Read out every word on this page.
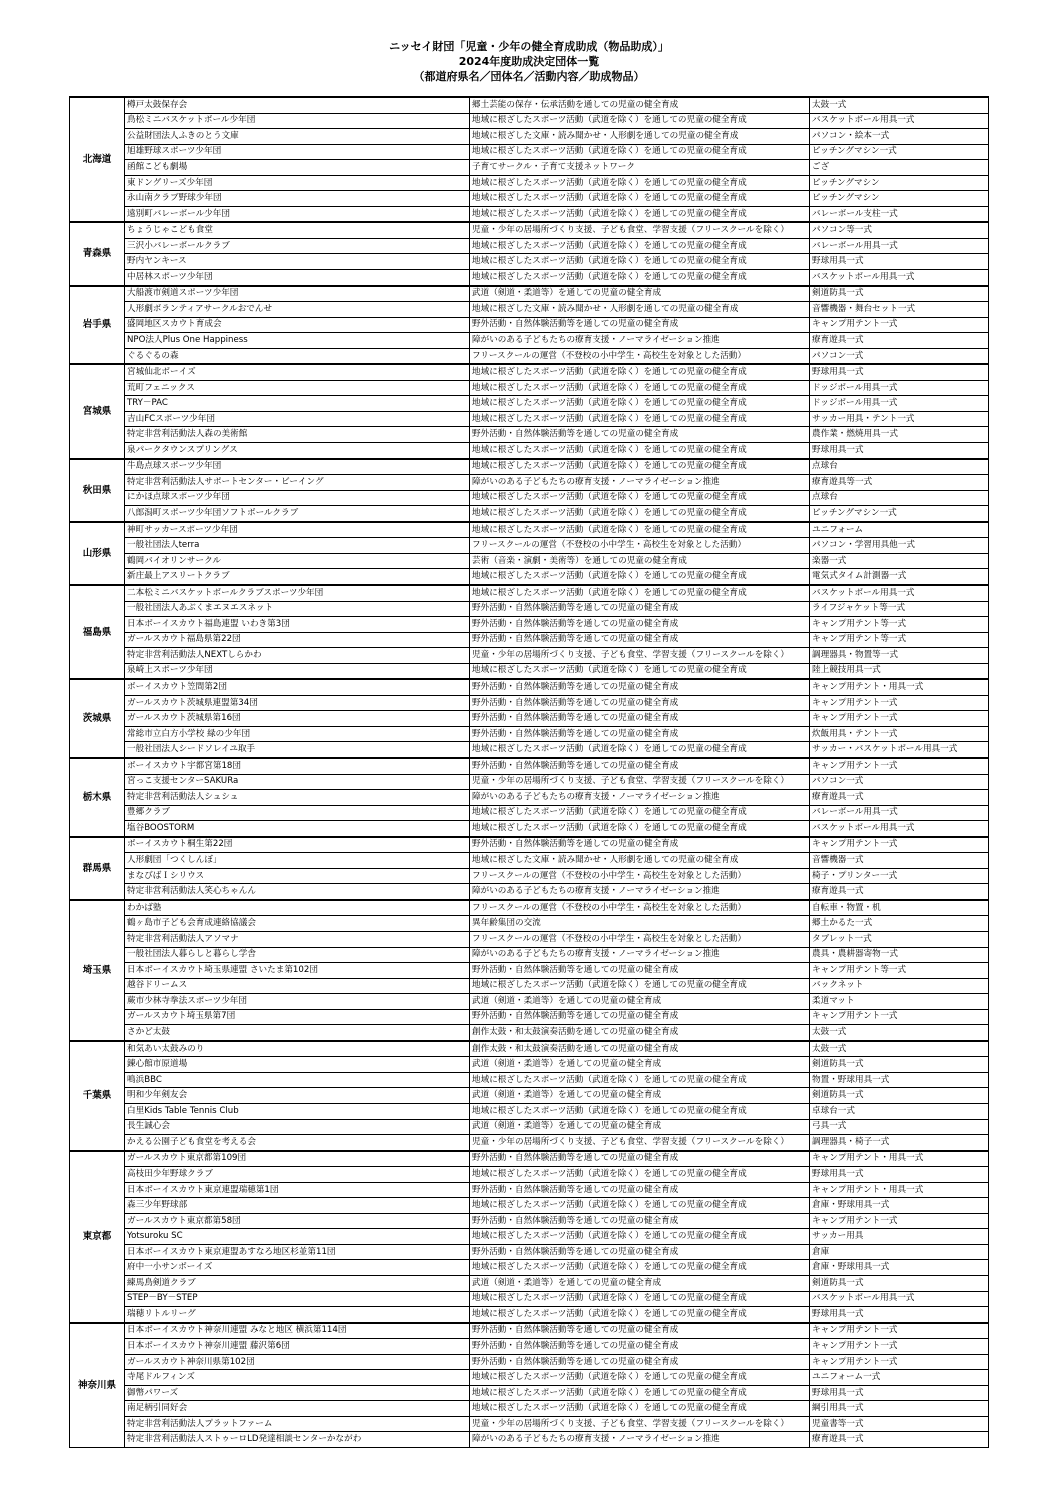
ニッセイ財団「児童・少年の健全育成助成（物品助成）」
2024年度助成決定団体一覧
（都道府県名／団体名／活動内容／助成物品）
北海道	樽戸太鼓保存会	郷土芸能の保存・伝承活動を通しての児童の健全育成	太鼓一式
	鳥松ミニバスケットボール少年団	地域に根ざしたスポーツ活動（武道を除く）を通しての児童の健全育成	バスケットボール用具一式
	公益財団法人ふきのとう文庫	地域に根ざした文庫・読み聞かせ・人形劇を通しての児童の健全育成	パソコン・絵本一式
	旭雄野球スポーツ少年団	地域に根ざしたスポーツ活動（武道を除く）を通しての児童の健全育成	ピッチングマシン一式
	函館こども劇場	子育てサークル・子育て支援ネットワーク	ござ
	東ドングリーズ少年団	地域に根ざしたスポーツ活動（武道を除く）を通しての児童の健全育成	ピッチングマシン
	永山南クラブ野球少年団	地域に根ざしたスポーツ活動（武道を除く）を通しての児童の健全育成	ピッチングマシン
	遠別町バレーボール少年団	地域に根ざしたスポーツ活動（武道を除く）を通しての児童の健全育成	バレーボール支柱一式
青森県	ちょうじゃこども食堂	児童・少年の居場所づくり支援、子ども食堂、学習支援（フリースクールを除く）	パソコン等一式
	三沢小バレーボールクラブ	地域に根ざしたスポーツ活動（武道を除く）を通しての児童の健全育成	バレーボール用具一式
	野内ヤンキース	地域に根ざしたスポーツ活動（武道を除く）を通しての児童の健全育成	野球用具一式
	中居林スポーツ少年団	地域に根ざしたスポーツ活動（武道を除く）を通しての児童の健全育成	バスケットボール用具一式
岩手県	大船渡市剣道スポーツ少年団	武道（剣道・柔道等）を通しての児童の健全育成	剣道防具一式
	人形劇ボランティアサークルおでんせ	地域に根ざした文庫・読み聞かせ・人形劇を通しての児童の健全育成	音響機器・舞台セット一式
	盛岡地区スカウト育成会	野外活動・自然体験活動等を通しての児童の健全育成	キャンプ用テント一式
	NPO法人Plus One Happiness	障がいのある子どもたちの療育支援・ノーマライゼーション推進	療育遊具一式
	ぐるぐるの森	フリースクールの運営（不登校の小中学生・高校生を対象とした活動）	パソコン一式
宮城県	宮城仙北ボーイズ	地域に根ざしたスポーツ活動（武道を除く）を通しての児童の健全育成	野球用具一式
	荒町フェニックス	地域に根ざしたスポーツ活動（武道を除く）を通しての児童の健全育成	ドッジボール用具一式
	TRY－PAC	地域に根ざしたスポーツ活動（武道を除く）を通しての児童の健全育成	ドッジボール用具一式
	吉山FCスポーツ少年団	地域に根ざしたスポーツ活動（武道を除く）を通しての児童の健全育成	サッカー用具・テント一式
	特定非営利活動法人森の美術館	野外活動・自然体験活動等を通しての児童の健全育成	農作業・燃焼用具一式
	泉パークタウンスプリングス	地域に根ざしたスポーツ活動（武道を除く）を通しての児童の健全育成	野球用具一式
秋田県	牛島点球スポーツ少年団	地域に根ざしたスポーツ活動（武道を除く）を通しての児童の健全育成	点球台
	特定非営利活動法人サポートセンター・ビーイング	障がいのある子どもたちの療育支援・ノーマライゼーション推進	療育遊具等一式
	にかほ点球スポーツ少年団	地域に根ざしたスポーツ活動（武道を除く）を通しての児童の健全育成	点球台
	八郎潟町スポーツ少年団ソフトボールクラブ	地域に根ざしたスポーツ活動（武道を除く）を通しての児童の健全育成	ピッチングマシン一式
山形県	神町サッカースポーツ少年団	地域に根ざしたスポーツ活動（武道を除く）を通しての児童の健全育成	ユニフォーム
	一般社団法人terra	フリースクールの運営（不登校の小中学生・高校生を対象とした活動）	パソコン・学習用具他一式
	鶴岡バイオリンサークル	芸術（音楽・演劇・美術等）を通しての児童の健全育成	楽器一式
	新庄最上アスリートクラブ	地域に根ざしたスポーツ活動（武道を除く）を通しての児童の健全育成	電気式タイム計測器一式
福島県	二本松ミニバスケットボールクラブスポーツ少年団	地域に根ざしたスポーツ活動（武道を除く）を通しての児童の健全育成	バスケットボール用具一式
	一般社団法人あぶくまエヌエスネット	野外活動・自然体験活動等を通しての児童の健全育成	ライフジャケット等一式
	日本ボーイスカウト福島連盟 いわき第3団	野外活動・自然体験活動等を通しての児童の健全育成	キャンプ用テント等一式
	ガールスカウト福島県第22団	野外活動・自然体験活動等を通しての児童の健全育成	キャンプ用テント等一式
	特定非営利活動法人NEXTしらかわ	児童・少年の居場所づくり支援、子ども食堂、学習支援（フリースクールを除く）	調理器具・物置等一式
	泉崎上スポーツ少年団	地域に根ざしたスポーツ活動（武道を除く）を通しての児童の健全育成	陸上競技用具一式
茨城県	ボーイスカウト笠間第2団	野外活動・自然体験活動等を通しての児童の健全育成	キャンプ用テント・用具一式
	ガールスカウト茨城県連盟第34団	野外活動・自然体験活動等を通しての児童の健全育成	キャンプ用テント一式
	ガールスカウト茨城県第16団	野外活動・自然体験活動等を通しての児童の健全育成	キャンプ用テント一式
	常総市立白方小学校 緑の少年団	野外活動・自然体験活動等を通しての児童の健全育成	炊飯用具・テント一式
	一般社団法人シードソレイユ取手	地域に根ざしたスポーツ活動（武道を除く）を通しての児童の健全育成	サッカー・バスケットボール用具一式
栃木県	ボーイスカウト宇都宮第18団	野外活動・自然体験活動等を通しての児童の健全育成	キャンプ用テント一式
	宮っこ支援センターSAKURa	児童・少年の居場所づくり支援、子ども食堂、学習支援（フリースクールを除く）	パソコン一式
	特定非営利活動法人シュシュ	障がいのある子どもたちの療育支援・ノーマライゼーション推進	療育遊具一式
	豊郷クラブ	地域に根ざしたスポーツ活動（武道を除く）を通しての児童の健全育成	バレーボール用具一式
	塩谷BOOSTORM	地域に根ざしたスポーツ活動（武道を除く）を通しての児童の健全育成	バスケットボール用具一式
群馬県	ボーイスカウト桐生第22団	野外活動・自然体験活動等を通しての児童の健全育成	キャンプ用テント一式
	人形劇団「つくしんぼ」	地域に根ざした文庫・読み聞かせ・人形劇を通しての児童の健全育成	音響機器一式
	まなびばＩシリウス	フリースクールの運営（不登校の小中学生・高校生を対象とした活動）	椅子・プリンター一式
	特定非営利活動法人笑心ちゃんん	障がいのある子どもたちの療育支援・ノーマライゼーション推進	療育遊具一式
埼玉県	わかば塾	フリースクールの運営（不登校の小中学生・高校生を対象とした活動）	自転車・物置・机
	鶴ヶ島市子ども会育成連絡協議会	異年齢集団の交流	郷土かるた一式
	特定非営利活動法人アソマナ	フリースクールの運営（不登校の小中学生・高校生を対象とした活動）	タブレット一式
	一般社団法人暮らしと暮らし学舎	障がいのある子どもたちの療育支援・ノーマライゼーション推進	農具・農耕器寄物一式
	日本ボーイスカウト埼玉県連盟 さいたま第102団	野外活動・自然体験活動等を通しての児童の健全育成	キャンプ用テント等一式
	越谷ドリームス	地域に根ざしたスポーツ活動（武道を除く）を通しての児童の健全育成	バックネット
	蕨市少林寺拳法スポーツ少年団	武道（剣道・柔道等）を通しての児童の健全育成	柔道マット
	ガールスカウト埼玉県第7団	野外活動・自然体験活動等を通しての児童の健全育成	キャンプ用テント一式
	さかど太鼓	創作太鼓・和太鼓演奏活動を通しての児童の健全育成	太鼓一式
千葉県	和気あい太鼓みのり	創作太鼓・和太鼓演奏活動を通しての児童の健全育成	太鼓一式
	錬心館市原道場	武道（剣道・柔道等）を通しての児童の健全育成	剣道防具一式
	鳴浜BBC	地域に根ざしたスポーツ活動（武道を除く）を通しての児童の健全育成	物置・野球用具一式
	明和少年剣友会	武道（剣道・柔道等）を通しての児童の健全育成	剣道防具一式
	白里Kids Table Tennis Club	地域に根ざしたスポーツ活動（武道を除く）を通しての児童の健全育成	卓球台一式
	長生誠心会	武道（剣道・柔道等）を通しての児童の健全育成	弓具一式
	かえる公園子ども食堂を考える会	児童・少年の居場所づくり支援、子ども食堂、学習支援（フリースクールを除く）	調理器具・椅子一式
東京都	ガールスカウト東京都第109団	野外活動・自然体験活動等を通しての児童の健全育成	キャンプ用テント・用具一式
	高枝田少年野球クラブ	地域に根ざしたスポーツ活動（武道を除く）を通しての児童の健全育成	野球用具一式
	日本ボーイスカウト東京連盟瑞穂第1団	野外活動・自然体験活動等を通しての児童の健全育成	キャンプ用テント・用具一式
	森三少年野球部	地域に根ざしたスポーツ活動（武道を除く）を通しての児童の健全育成	倉庫・野球用具一式
	ガールスカウト東京都第58団	野外活動・自然体験活動等を通しての児童の健全育成	キャンプ用テント一式
	Yotsuroku SC	地域に根ざしたスポーツ活動（武道を除く）を通しての児童の健全育成	サッカー用具
	日本ボーイスカウト東京連盟あすなろ地区杉並第11団	野外活動・自然体験活動等を通しての児童の健全育成	倉庫
	府中一小サンボーイズ	地域に根ざしたスポーツ活動（武道を除く）を通しての児童の健全育成	倉庫・野球用具一式
	練馬鳥剣道クラブ	武道（剣道・柔道等）を通しての児童の健全育成	剣道防具一式
	STEP－BY－STEP	地域に根ざしたスポーツ活動（武道を除く）を通しての児童の健全育成	バスケットボール用具一式
	瑞穂リトルリーグ	地域に根ざしたスポーツ活動（武道を除く）を通しての児童の健全育成	野球用具一式
神奈川県	日本ボーイスカウト神奈川連盟 みなと地区 横浜第114団	野外活動・自然体験活動等を通しての児童の健全育成	キャンプ用テント一式
	日本ボーイスカウト神奈川連盟 藤沢第6団	野外活動・自然体験活動等を通しての児童の健全育成	キャンプ用テント一式
	ガールスカウト神奈川県第102団	野外活動・自然体験活動等を通しての児童の健全育成	キャンプ用テント一式
	寺尾ドルフィンズ	地域に根ざしたスポーツ活動（武道を除く）を通しての児童の健全育成	ユニフォーム一式
	御幣パワーズ	地域に根ざしたスポーツ活動（武道を除く）を通しての児童の健全育成	野球用具一式
	南足柄引同好会	地域に根ざしたスポーツ活動（武道を除く）を通しての児童の健全育成	綱引用具一式
	特定非営利活動法人プラットファーム	児童・少年の居場所づくり支援、子ども食堂、学習支援（フリースクールを除く）	児童書等一式
	特定非営利活動法人ストゥーロLD発達相談センターかながわ	障がいのある子どもたちの療育支援・ノーマライゼーション推進	療育遊具一式
